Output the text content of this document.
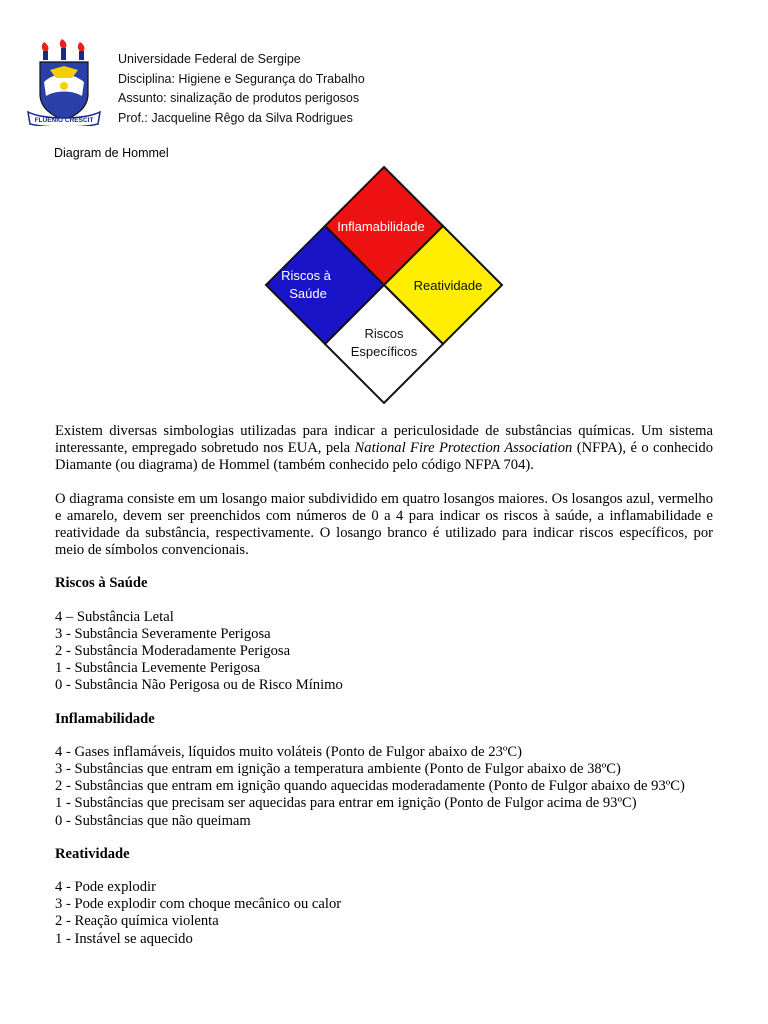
FLUENIO CRESCIT
Universidade Federal de Sergipe
Disciplina: Higiene e Segurança do Trabalho
Assunto: sinalização de produtos perigosos
Prof.: Jacqueline Rêgo da Silva Rodrigues
Diagram de Hommel
Inflamabilidade
Riscos à
Saúde
Reatividade
Riscos
Específicos

Existem diversas simbologias utilizadas para indicar a periculosidade de substâncias químicas. Um sistema interessante, empregado sobretudo nos EUA, pela National Fire Protection Association (NFPA), é o conhecido Diamante (ou diagrama) de Hommel (também conhecido pelo código NFPA 704).

O diagrama consiste em um losango maior subdividido em quatro losangos maiores. Os losangos azul, vermelho e amarelo, devem ser preenchidos com números de 0 a 4 para indicar os riscos à saúde, a inflamabilidade e reatividade da substância, respectivamente. O losango branco é utilizado para indicar riscos específicos, por meio de símbolos convencionais.

Riscos à Saúde
4 – Substância Letal
3 - Substância Severamente Perigosa
2 - Substância Moderadamente Perigosa
1 - Substância Levemente Perigosa
0 - Substância Não Perigosa ou de Risco Mínimo
Inflamabilidade
4 - Gases inflamáveis, líquidos muito voláteis (Ponto de Fulgor abaixo de 23ºC)
3 - Substâncias que entram em ignição a temperatura ambiente (Ponto de Fulgor abaixo de 38ºC)
2 - Substâncias que entram em ignição quando aquecidas moderadamente (Ponto de Fulgor abaixo de 93ºC)
1 - Substâncias que precisam ser aquecidas para entrar em ignição (Ponto de Fulgor acima de 93ºC)
0 - Substâncias que não queimam
Reatividade
4 - Pode explodir
3 - Pode explodir com choque mecânico ou calor
2 - Reação química violenta
1 - Instável se aquecido
